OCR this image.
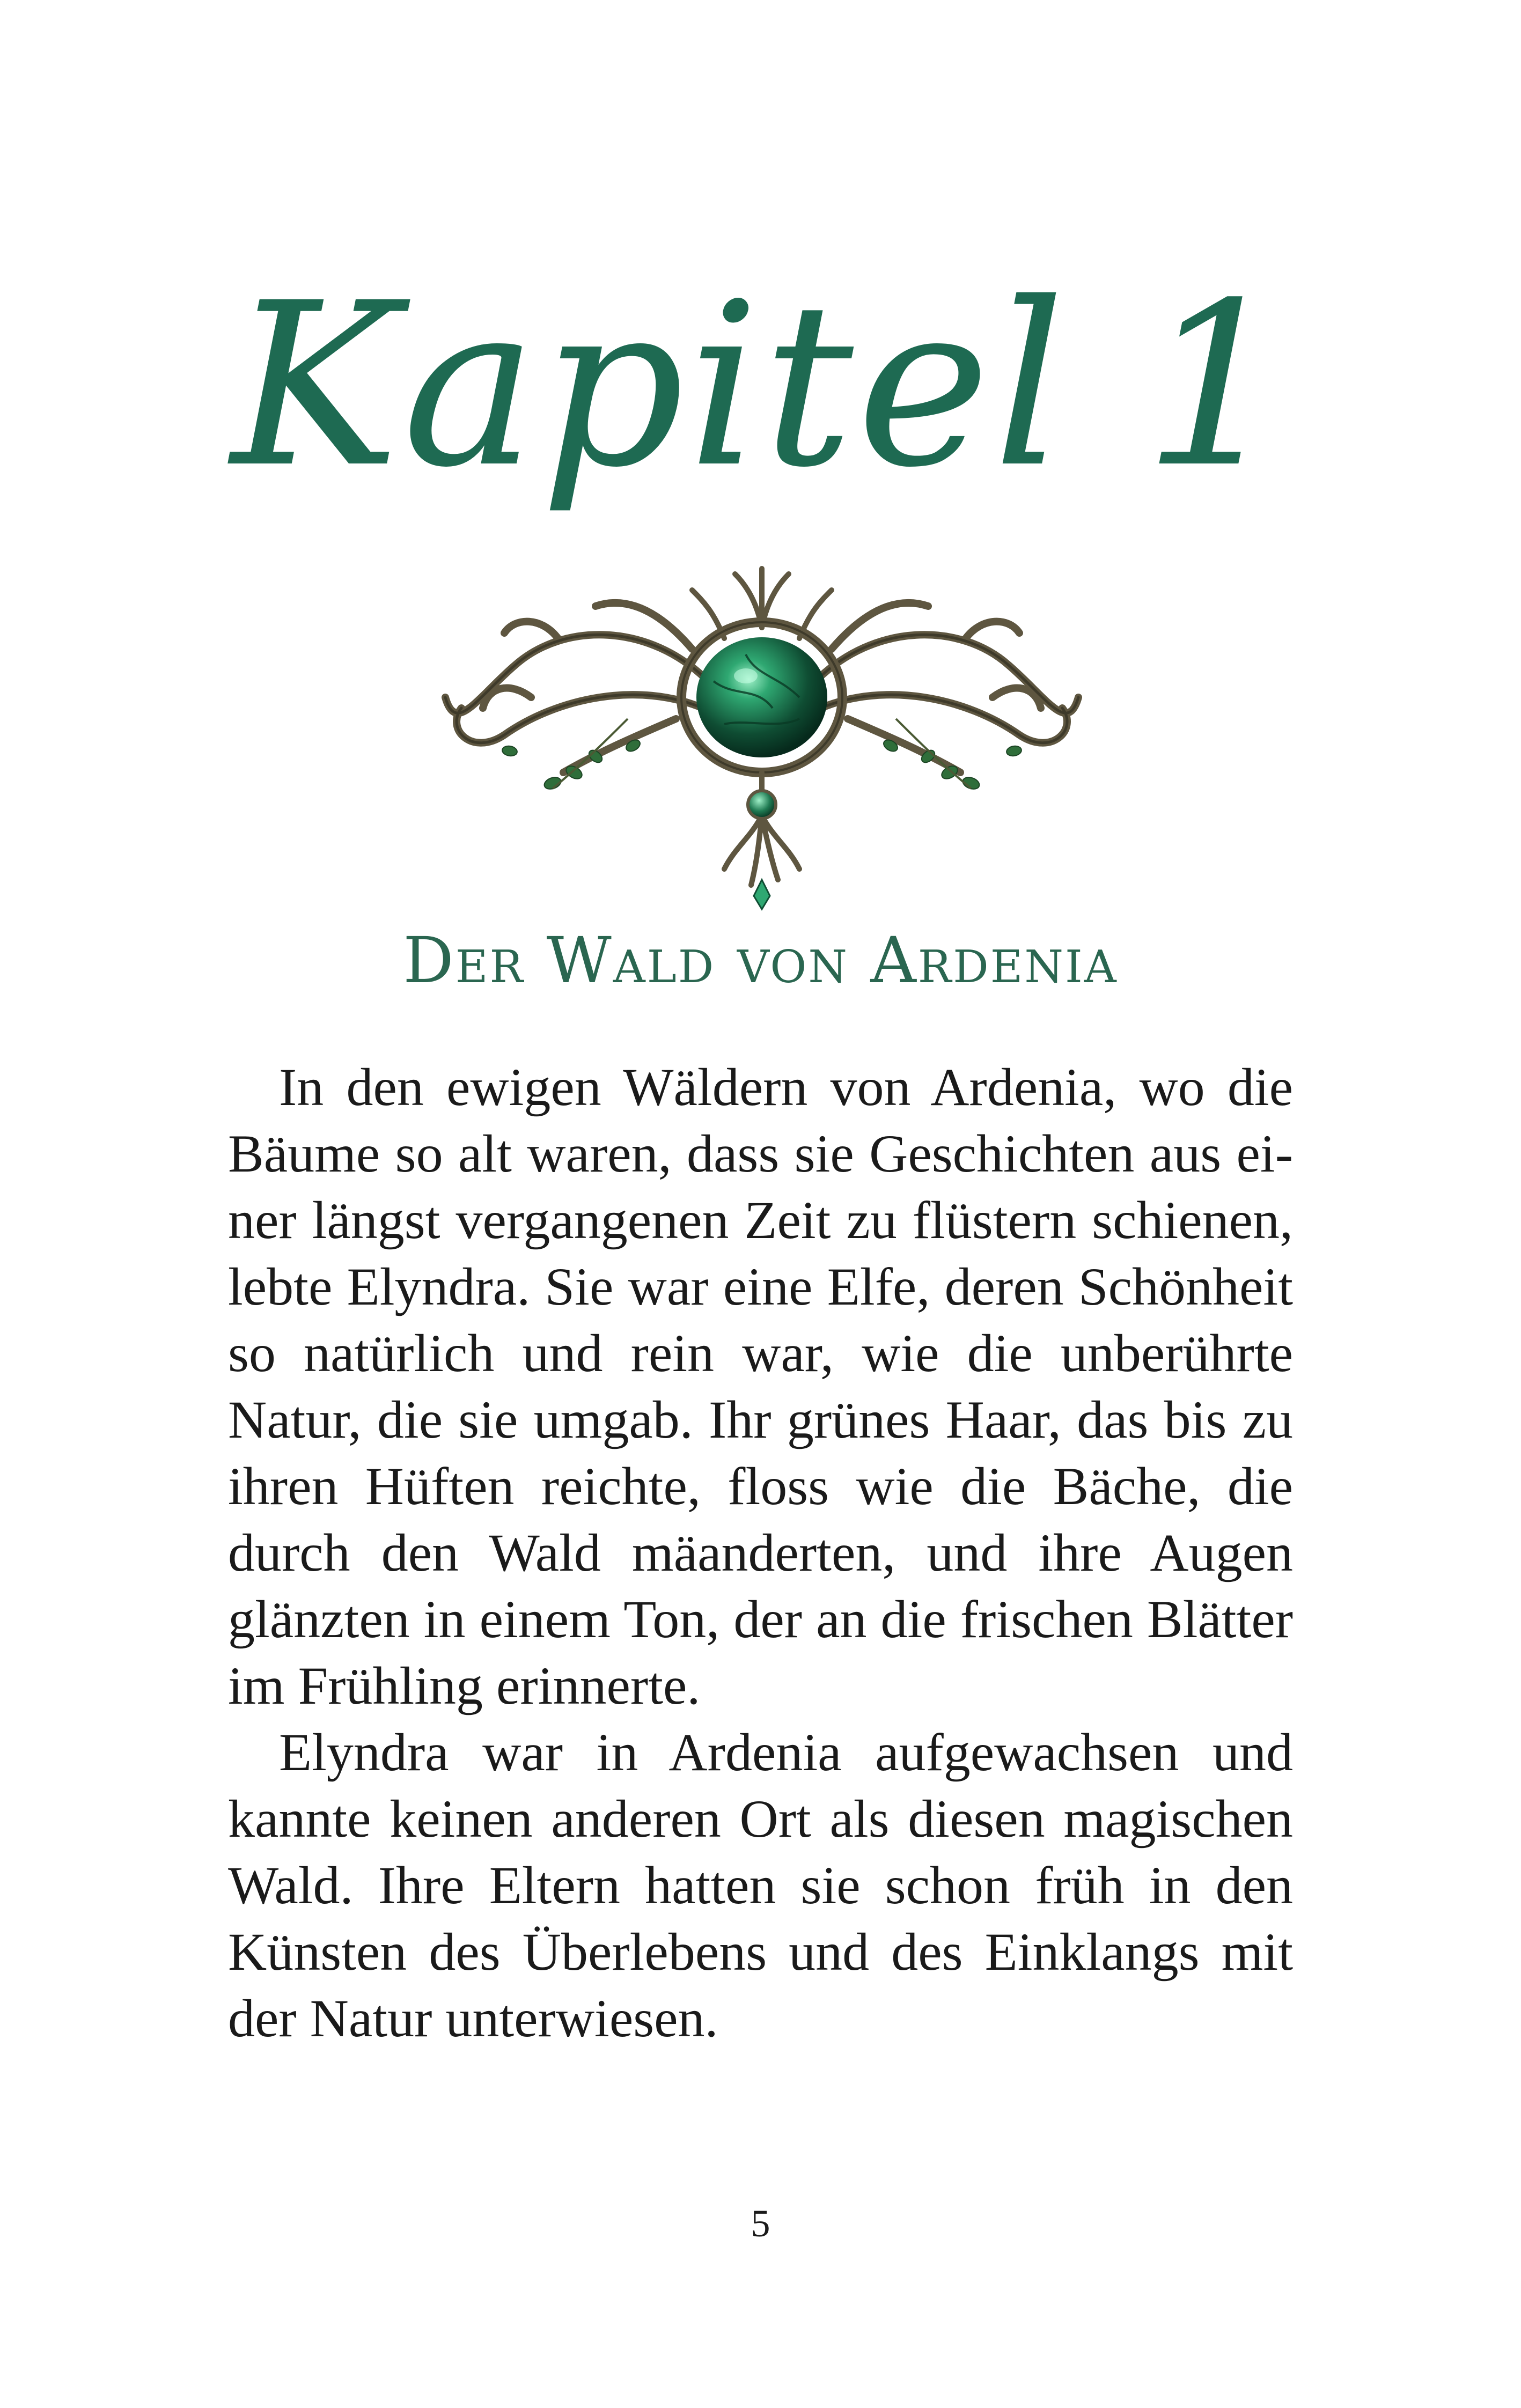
Kapitel 1
Der Wald von Ardenia

In den ewigen Wäldern von Ardenia, wo die Bäume so alt waren, dass sie Geschichten aus einer längst vergangenen Zeit zu flüstern schienen, lebte Elyndra. Sie war eine Elfe, deren Schönheit so natürlich und rein war, wie die unberührte Natur, die sie umgab. Ihr grünes Haar, das bis zu ihren Hüften reichte, floss wie die Bäche, die durch den Wald mäanderten, und ihre Augen glänzten in einem Ton, der an die frischen Blätter im Frühling erinnerte.

Elyndra war in Ardenia aufgewachsen und kannte keinen anderen Ort als diesen magischen Wald. Ihre Eltern hatten sie schon früh in den Künsten des Überlebens und des Einklangs mit der Natur unterwiesen.

5
